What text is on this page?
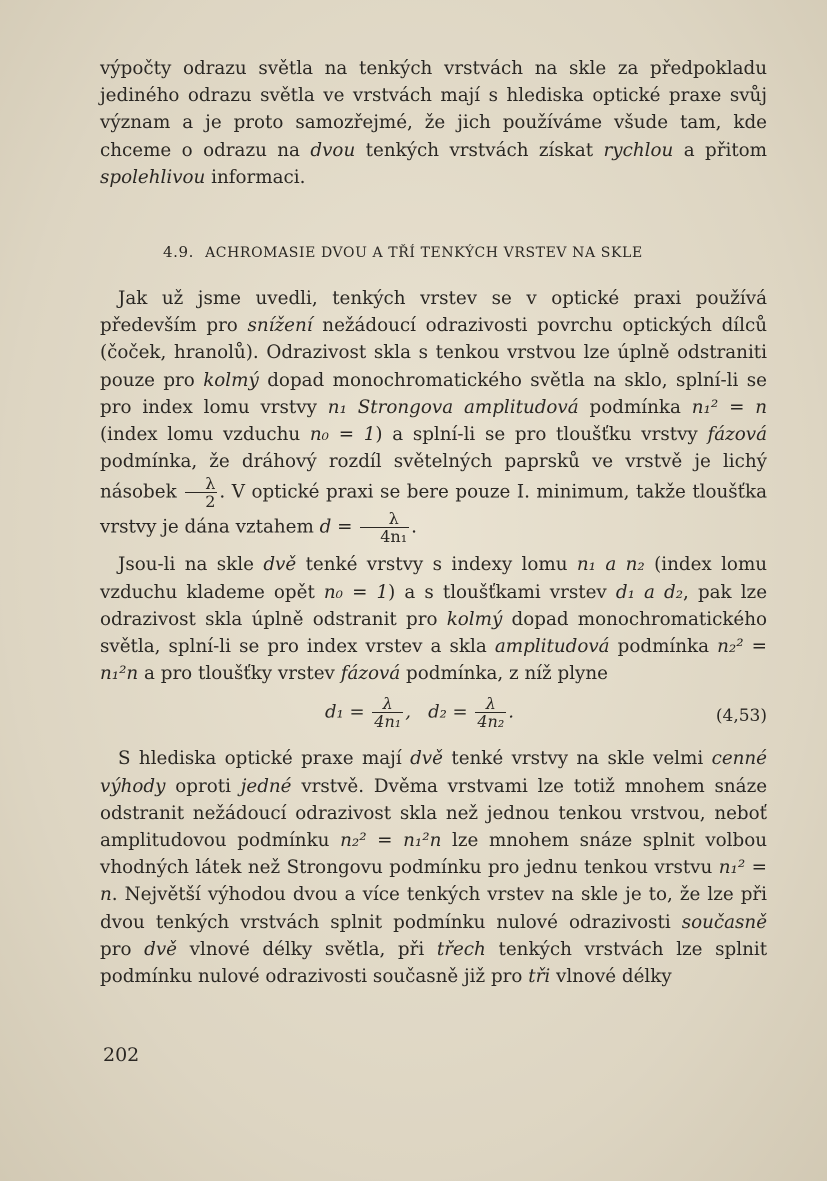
výpočty odrazu světla na tenkých vrstvách na skle za předpokladu jediného odrazu světla ve vrstvách mají s hlediska optické praxe svůj význam a je proto samozřejmé, že jich používáme všude tam, kde chceme o odrazu na dvou tenkých vrstvách získat rychlou a přitom spolehlivou informaci.

4.9. ACHROMASIE DVOU A TŘÍ TENKÝCH VRSTEV NA SKLE

Jak už jsme uvedli, tenkých vrstev se v optické praxi používá především pro snížení nežádoucí odrazivosti povrchu optických dílců (čoček, hranolů). Odrazivost skla s tenkou vrstvou lze úplně odstraniti pouze pro kolmý dopad monochromatického světla na sklo, splní-li se pro index lomu vrstvy n₁ Strongova amplitudová podmínka n₁² = n (index lomu vzduchu n₀ = 1) a splní-li se pro tloušťku vrstvy fázová podmínka, že dráhový rozdíl světelných paprsků ve vrstvě je lichý násobek $\frac{\lambda}{2}$ . V optické praxi se bere pouze I. minimum, takže tloušťka vrstvy je dána vztahem $d = \frac{\lambda}{\text{4n₁}}$ .

Jsou-li na skle dvě tenké vrstvy s indexy lomu n₁ a n₂ (index lomu vzduchu klademe opět n₀ = 1) a s tloušťkami vrstev d₁ a d₂, pak lze odrazivost skla úplně odstranit pro kolmý dopad monochromatického světla, splní-li se pro index vrstev a skla amplitudová podmínka n₂² = n₁²n a pro tloušťky vrstev fázová podmínka, z níž plyne

$d_1 = \frac{\lambda}{\text{4n₁}}$ ,   $d_2 = \frac{\lambda}{\text{4n₂}}$ .	(4,53)

S hlediska optické praxe mají dvě tenké vrstvy na skle velmi cenné výhody oproti jedné vrstvě. Dvěma vrstvami lze totiž mnohem snáze odstranit nežádoucí odrazivost skla než jednou tenkou vrstvou, neboť amplitudovou podmínku n₂² = n₁²n lze mnohem snáze splnit volbou vhodných látek než Strongovu podmínku pro jednu tenkou vrstvu n₁² = n. Největší výhodou dvou a více tenkých vrstev na skle je to, že lze při dvou tenkých vrstvách splnit podmínku nulové odrazivosti současně pro dvě vlnové délky světla, při třech tenkých vrstvách lze splnit podmínku nulové odrazivosti současně již pro tři vlnové délky

202
